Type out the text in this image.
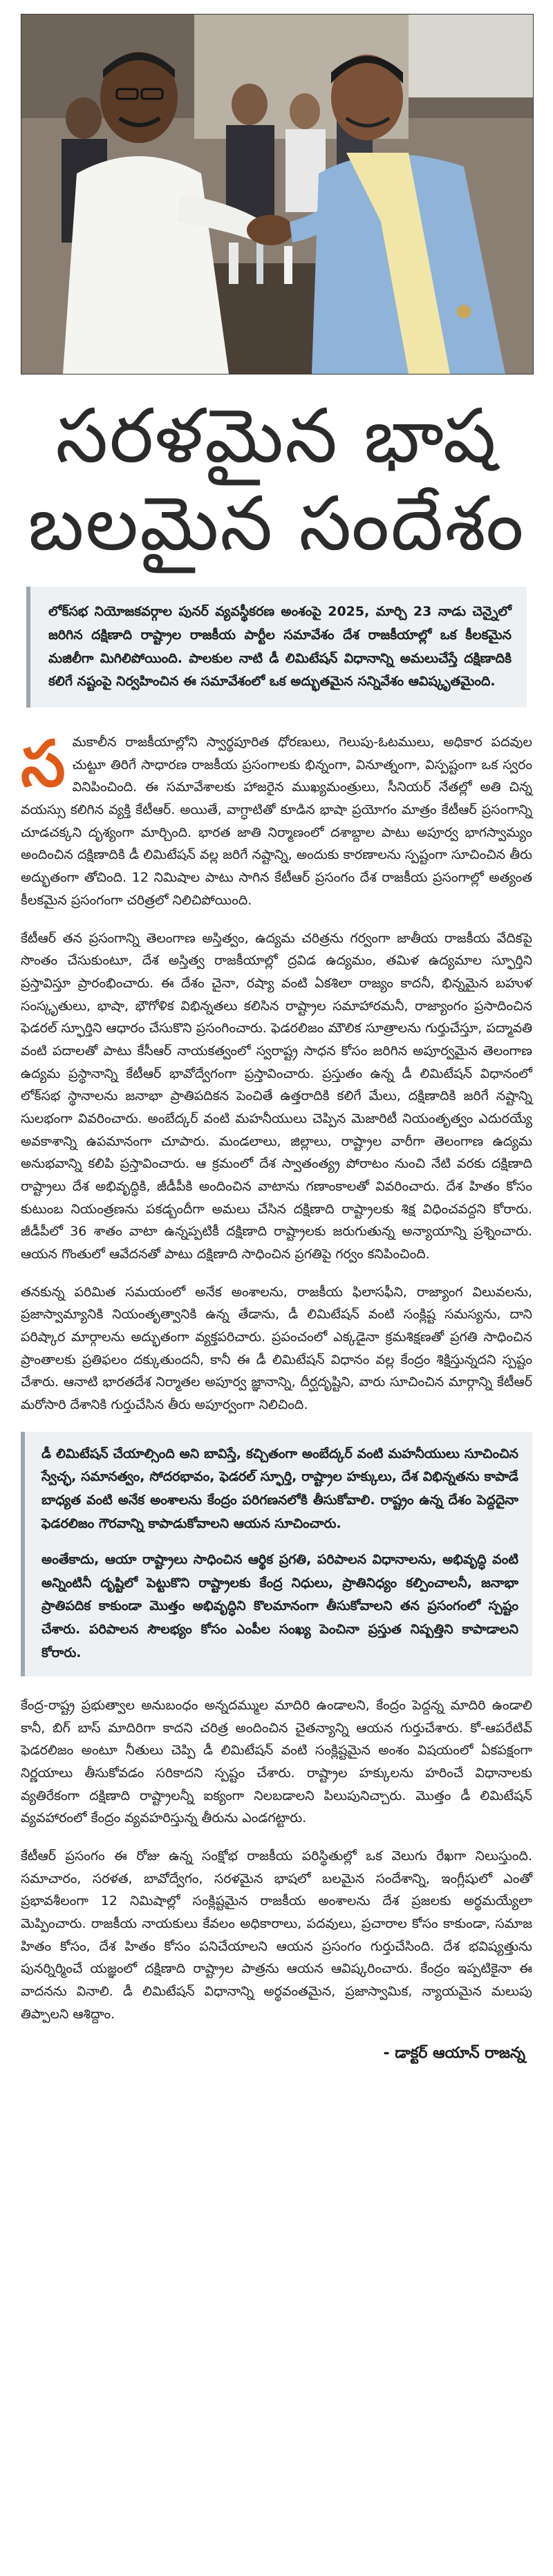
సరళమైన భాష
బలమైన సందేశం
లోక్‌సభ నియోజకవర్గాల పునర్ వ్యవస్థీకరణ అంశంపై 2025, మార్చి 23 నాడు చెన్నైలో జరిగిన దక్షిణాది రాష్ట్రాల రాజకీయ పార్టీల సమావేశం దేశ రాజకీయాల్లో ఒక కీలకమైన మజిలీగా మిగిలిపోయింది. పాలకుల నాటి డీ లిమిటేషన్ విధానాన్ని అమలుచేస్తే దక్షిణాదికి కలిగే నష్టంపై నిర్వహించిన ఈ సమావేశంలో ఒక అద్భుతమైన సన్నివేశం ఆవిష్కృతమైంది.

సమకాలీన రాజకీయాల్లోని స్వార్థపూరిత ధోరణులు, గెలుపు-ఓటములు, అధికార పదవుల చుట్టూ తిరిగే సాధారణ రాజకీయ ప్రసంగాలకు భిన్నంగా, వినూత్నంగా, విస్పష్టంగా ఒక స్వరం వినిపించింది. ఈ సమావేశాలకు హాజరైన ముఖ్యమంత్రులు, సీనియర్ నేతల్లో అతి చిన్న వయస్సు కలిగిన వ్యక్తి కేటీఆర్. అయితే, వాగ్ధాటితో కూడిన భాషా ప్రయోగం మాత్రం కేటీఆర్ ప్రసంగాన్ని చూడచక్కని దృశ్యంగా మార్చింది. భారత జాతి నిర్మాణంలో దశాబ్దాల పాటు అపూర్వ భాగస్వామ్యం అందించిన దక్షిణాదికి డీ లిమిటేషన్ వల్ల జరిగే నష్టాన్ని, అందుకు కారణాలను స్పష్టంగా సూచించిన తీరు అద్భుతంగా తోచింది. 12 నిమిషాల పాటు సాగిన కేటీఆర్ ప్రసంగం దేశ రాజకీయ ప్రసంగాల్లో అత్యంత కీలకమైన ప్రసంగంగా చరిత్రలో నిలిచిపోయింది.

కేటీఆర్ తన ప్రసంగాన్ని తెలంగాణ అస్తిత్వం, ఉద్యమ చరిత్రను గర్వంగా జాతీయ రాజకీయ వేదికపై సొంతం చేసుకుంటూ, దేశ అస్తిత్వ రాజకీయాల్లో ద్రవిడ ఉద్యమం, తమిళ ఉద్యమాల స్ఫూర్తిని ప్రస్తావిస్తూ ప్రారంభించారు. ఈ దేశం చైనా, రష్యా వంటి ఏకశిలా రాజ్యం కాదనీ, భిన్నమైన బహుళ సంస్కృతులు, భాషా, భౌగోళిక విభిన్నతలు కలిసిన రాష్ట్రాల సమాహారమనీ, రాజ్యాంగం ప్రసాదించిన ఫెడరల్ స్ఫూర్తిని ఆధారం చేసుకొని ప్రసంగించారు. ఫెడరలిజం మౌలిక సూత్రాలను గుర్తుచేస్తూ, పద్మావతి వంటి పదాలతో పాటు కేసీఆర్ నాయకత్వంలో స్వరాష్ట్ర సాధన కోసం జరిగిన అపూర్వమైన తెలంగాణ ఉద్యమ ప్రస్థానాన్ని కేటీఆర్ భావోద్వేగంగా ప్రస్తావించారు. ప్రస్తుతం ఉన్న డీ లిమిటేషన్ విధానంలో లోక్‌సభ స్థానాలను జనాభా ప్రాతిపదికన పెంచితే ఉత్తరాదికి కలిగే మేలు, దక్షిణాదికి జరిగే నష్టాన్ని సులభంగా వివరించారు. అంబేద్కర్ వంటి మహనీయులు చెప్పిన మెజారిటీ నియంతృత్వం ఎదురయ్యే అవకాశాన్ని ఉపమానంగా చూపారు. మండలాలు, జిల్లాలు, రాష్ట్రాల వారీగా తెలంగాణ ఉద్యమ అనుభవాన్ని కలిపి ప్రస్తావించారు. ఆ క్రమంలో దేశ స్వాతంత్య్ర పోరాటం నుంచి నేటి వరకు దక్షిణాది రాష్ట్రాలు దేశ అభివృద్ధికి, జీడీపీకి అందించిన వాటాను గణాంకాలతో వివరించారు. దేశ హితం కోసం కుటుంబ నియంత్రణను పకడ్బందీగా అమలు చేసిన దక్షిణాది రాష్ట్రాలకు శిక్ష విధించవద్దని కోరారు. జీడీపీలో 36 శాతం వాటా ఉన్నప్పటికీ దక్షిణాది రాష్ట్రాలకు జరుగుతున్న అన్యాయాన్ని ప్రశ్నించారు. ఆయన గొంతులో ఆవేదనతో పాటు దక్షిణాది సాధించిన ప్రగతిపై గర్వం కనిపించింది.

తనకున్న పరిమిత సమయంలో అనేక అంశాలను, రాజకీయ ఫిలాసఫీని, రాజ్యాంగ విలువలను, ప్రజాస్వామ్యానికి నియంతృత్వానికి ఉన్న తేడాను, డీ లిమిటేషన్ వంటి సంక్లిష్ట సమస్యను, దాని పరిష్కార మార్గాలను అద్భుతంగా వ్యక్తపరిచారు. ప్రపంచంలో ఎక్కడైనా క్రమశిక్షణతో ప్రగతి సాధించిన ప్రాంతాలకు ప్రతిఫలం దక్కుతుందనీ, కానీ ఈ డీ లిమిటేషన్ విధానం వల్ల కేంద్రం శిక్షిస్తున్నదని స్పష్టం చేశారు. ఆనాటి భారతదేశ నిర్మాతల అపూర్వ జ్ఞానాన్ని, దీర్ఘదృష్టిని, వారు సూచించిన మార్గాన్ని కేటీఆర్ మరోసారి దేశానికి గుర్తుచేసిన తీరు అపూర్వంగా నిలిచింది.

డీ లిమిటేషన్ చేయాల్సింది అని బావిస్తే, కచ్చితంగా అంబేద్కర్ వంటి మహనీయులు సూచించిన స్వేచ్ఛ, సమానత్వం, సోదరభావం, ఫెడరల్ స్ఫూర్తి, రాష్ట్రాల హక్కులు, దేశ విభిన్నతను కాపాడే బాధ్యత వంటి అనేక అంశాలను కేంద్రం పరిగణనలోకి తీసుకోవాలి. రాష్ట్రం ఉన్న దేశం పెద్దదైనా ఫెడరలిజం గౌరవాన్ని కాపాడుకోవాలని ఆయన సూచించారు.

అంతేకాదు, ఆయా రాష్ట్రాలు సాధించిన ఆర్థిక ప్రగతి, పరిపాలన విధానాలను, అభివృద్ధి వంటి అన్నింటినీ దృష్టిలో పెట్టుకొని రాష్ట్రాలకు కేంద్ర నిధులు, ప్రాతినిధ్యం కల్పించాలనీ, జనాభా ప్రాతిపదిక కాకుండా మొత్తం అభివృద్ధిని కొలమానంగా తీసుకోవాలని తన ప్రసంగంలో స్పష్టం చేశారు. పరిపాలన సౌలభ్యం కోసం ఎంపీల సంఖ్య పెంచినా ప్రస్తుత నిష్పత్తిని కాపాడాలని కోరారు.

కేంద్ర-రాష్ట్ర ప్రభుత్వాల అనుబంధం అన్నదమ్ముల మాదిరి ఉండాలని, కేంద్రం పెద్దన్న మాదిరి ఉండాలి కానీ, బిగ్ బాస్ మాదిరిగా కాదని చరిత్ర అందించిన చైతన్యాన్ని ఆయన గుర్తుచేశారు. కో-ఆపరేటివ్ ఫెడరలిజం అంటూ నీతులు చెప్పి డీ లిమిటేషన్ వంటి సంక్లిష్టమైన అంశం విషయంలో ఏకపక్షంగా నిర్ణయాలు తీసుకోవడం సరికాదని స్పష్టం చేశారు. రాష్ట్రాల హక్కులను హరించే విధానాలకు వ్యతిరేకంగా దక్షిణాది రాష్ట్రాలన్నీ ఐక్యంగా నిలబడాలని పిలుపునిచ్చారు. మొత్తం డీ లిమిటేషన్ వ్యవహారంలో కేంద్రం వ్యవహరిస్తున్న తీరును ఎండగట్టారు.

కేటీఆర్ ప్రసంగం ఈ రోజు ఉన్న సంక్షోభ రాజకీయ పరిస్థితుల్లో ఒక వెలుగు రేఖగా నిలుస్తుంది. సమాచారం, సరళత, బావోద్వేగం, సరళమైన భాషలో బలమైన సందేశాన్ని, ఇంగ్లీషులో ఎంతో ప్రభావశీలంగా 12 నిమిషాల్లో సంక్లిష్టమైన రాజకీయ అంశాలను దేశ ప్రజలకు అర్థమయ్యేలా మెప్పించారు. రాజకీయ నాయకులు కేవలం అధికారాలు, పదవులు, ప్రచారాల కోసం కాకుండా, సమాజ హితం కోసం, దేశ హితం కోసం పనిచేయాలని ఆయన ప్రసంగం గుర్తుచేసింది. దేశ భవిష్యత్తును పునర్నిర్మించే యజ్ఞంలో దక్షిణాది రాష్ట్రాల పాత్రను ఆయన ఆవిష్కరించారు. కేంద్రం ఇప్పటికైనా ఈ వాదనను వినాలి. డీ లిమిటేషన్ విధానాన్ని అర్థవంతమైన, ప్రజాస్వామిక, న్యాయమైన మలుపు తిప్పాలని ఆశిద్దాం.

- డాక్టర్ ఆయాన్ రాజన్న
